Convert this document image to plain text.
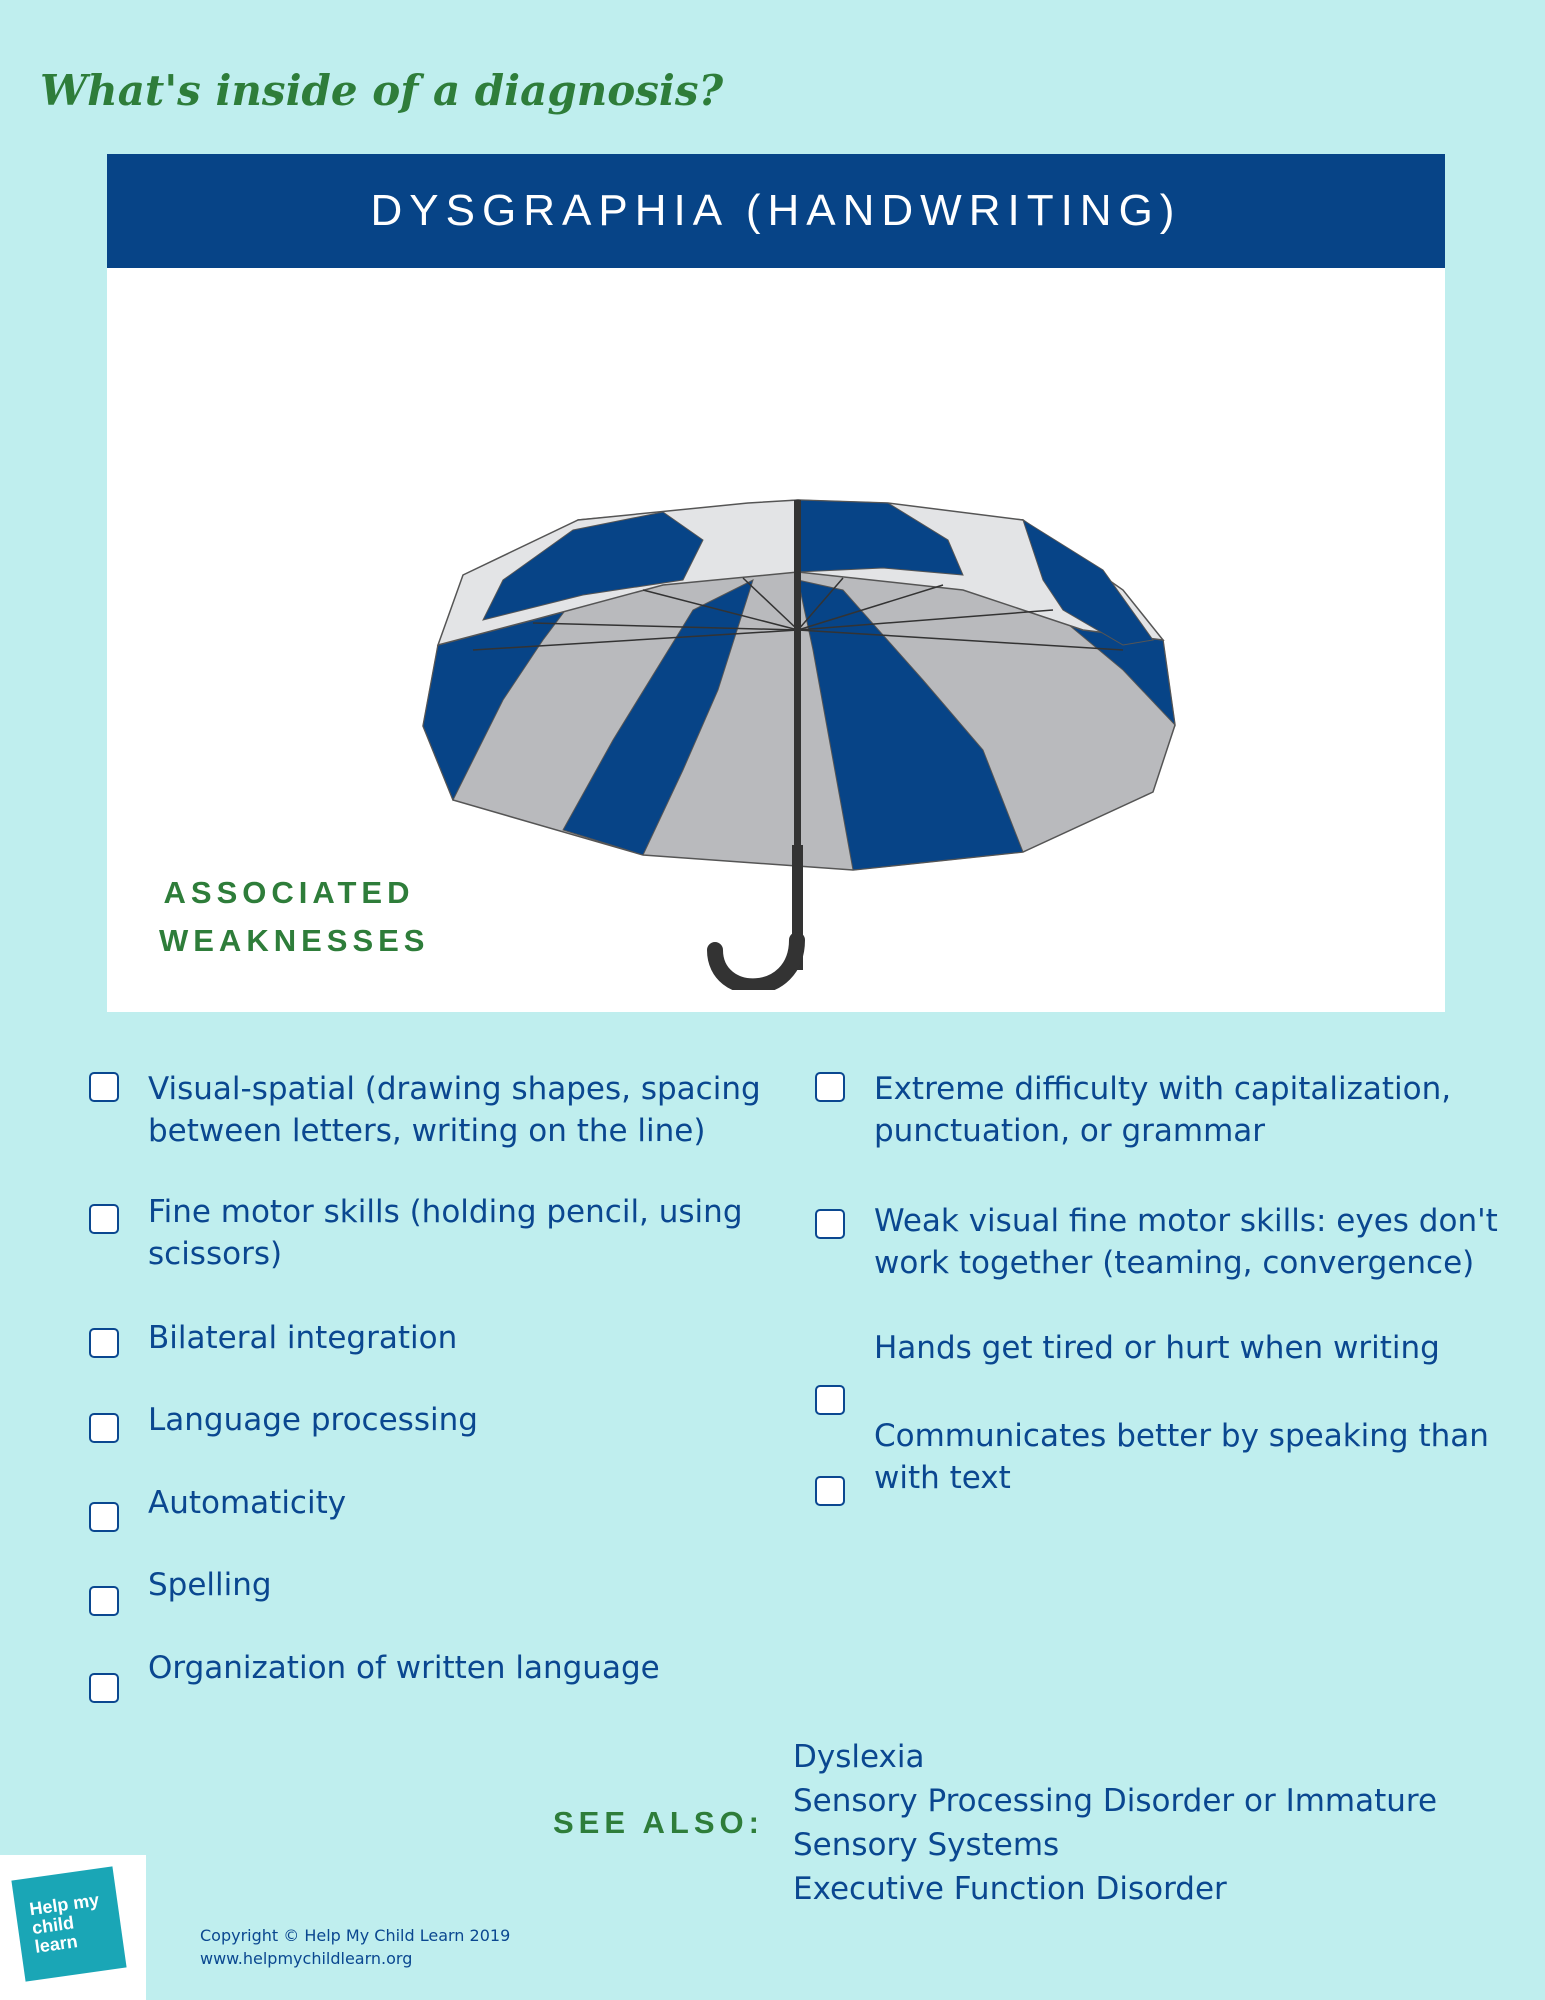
What's inside of a diagnosis?
DYSGRAPHIA (HANDWRITING)
ASSOCIATED
WEAKNESSES
Visual-spatial (drawing shapes, spacing between letters, writing on the line)
Fine motor skills (holding pencil, using scissors)
Bilateral integration
Language processing
Automaticity
Spelling
Organization of written language
Extreme difficulty with capitalization, punctuation, or grammar
Weak visual fine motor skills: eyes don't work together (teaming, convergence)
Hands get tired or hurt when writing
Communicates better by speaking than with text
SEE ALSO:
Dyslexia
Sensory Processing Disorder or Immature
Sensory Systems
Executive Function Disorder
Help my
child
learn	Copyright © Help My Child Learn 2019
www.helpmychildlearn.org
